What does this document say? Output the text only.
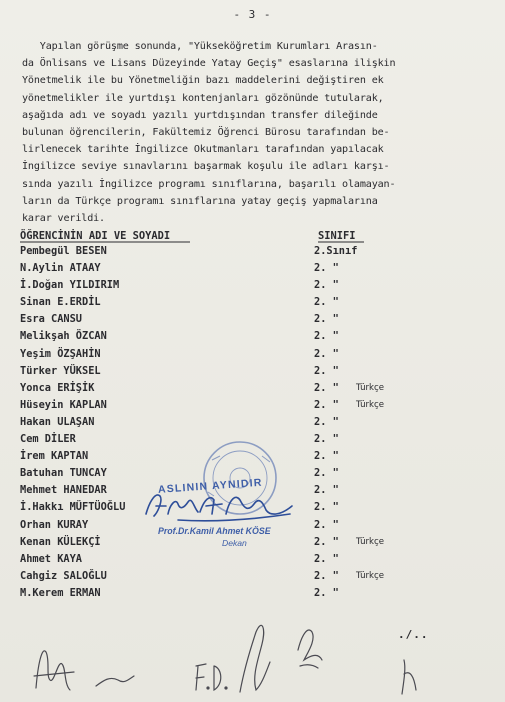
- 3 -
Yapılan görüşme sonunda, "Yükseköğretim Kurumları Arasın-
da Önlisans ve Lisans Düzeyinde Yatay Geçiş" esaslarına ilişkin
Yönetmelik ile bu Yönetmeliğin bazı maddelerini değiştiren ek
yönetmelikler ile yurtdışı kontenjanları gözönünde tutularak,
aşağıda adı ve soyadı yazılı yurtdışından transfer dileğinde
bulunan öğrencilerin, Fakültemiz Öğrenci Bürosu tarafından be-
lirlenecek tarihte İngilizce Okutmanları tarafından yapılacak
İngilizce seviye sınavlarını başarmak koşulu ile adları karşı-
sında yazılı İngilizce programı sınıflarına, başarılı olamayan-
ların da Türkçe programı sınıflarına yatay geçiş yapmalarına
karar verildi.
ÖĞRENCİNİN ADI VE SOYADI	SINIFI
Pembegül BESEN	2.Sınıf
N.Aylin ATAAY	2. "
İ.Doğan YILDIRIM	2. "
Sinan E.ERDİL	2. "
Esra CANSU	2. "
Melikşah ÖZCAN	2. "
Yeşim ÖZŞAHİN	2. "
Türker YÜKSEL	2. "
Yonca ERİŞİK	2. " Türkçe
Hüseyin KAPLAN	2. " Türkçe
Hakan ULAŞAN	2. "
Cem DİLER	2. "
İrem KAPTAN	2. "
Batuhan TUNCAY	2. "
Mehmet HANEDAR	2. "
İ.Hakkı MÜFTÜOĞLU	2. "
Orhan KURAY	2. "
Kenan KÜLEKÇİ	2. " Türkçe
Ahmet KAYA	2. "
Cahgiz SALOĞLU	2. " Türkçe
M.Kerem ERMAN	2. "
ASLININ AYNIDIR
Prof.Dr.Kamil Ahmet KÖSE
Dekan
./..
